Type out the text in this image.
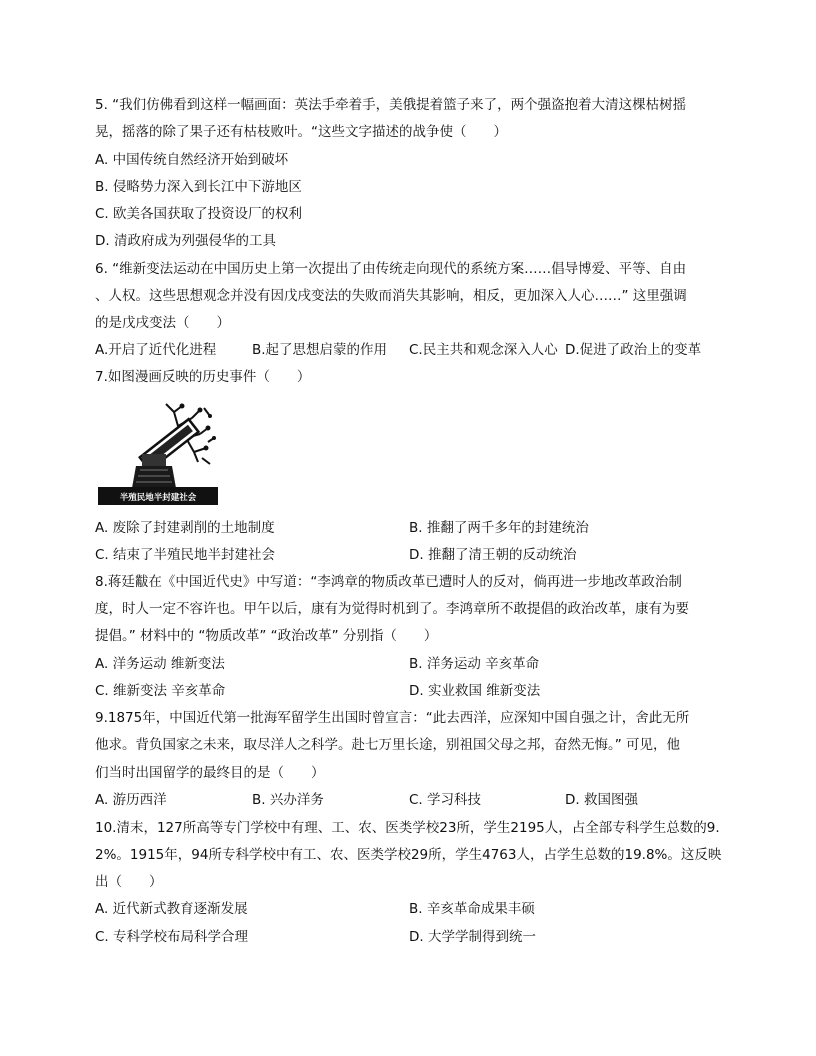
5. “我们仿佛看到这样一幅画面：英法手牵着手，美俄提着篮子来了，两个强盗抱着大清这棵枯树摇
晃，摇落的除了果子还有枯枝败叶。“这些文字描述的战争使（　　）
A. 中国传统自然经济开始到破坏
B. 侵略势力深入到长江中下游地区
C. 欧美各国获取了投资设厂的权利
D. 清政府成为列强侵华的工具
6. “维新变法运动在中国历史上第一次提出了由传统走向现代的系统方案……倡导博爱、平等、自由
、人权。这些思想观念并没有因戊戌变法的失败而消失其影响，相反，更加深入人心……” 这里强调
的是戊戌变法（　　）
A.开启了近代化进程	B.起了思想启蒙的作用 C.民主共和观念深入人心 D.促进了政治上的变革
7.如图漫画反映的历史事件（　　）
半殖民地半封建社会
A. 废除了封建剥削的土地制度	B. 推翻了两千多年的封建统治
C. 结束了半殖民地半封建社会	D. 推翻了清王朝的反动统治
8.蒋廷黻在《中国近代史》中写道：“李鸿章的物质改革已遭时人的反对，倘再进一步地改革政治制
度，时人一定不容许也。甲午以后，康有为觉得时机到了。李鸿章所不敢提倡的政治改革，康有为要
提倡。” 材料中的 “物质改革” “政治改革” 分别指（　　）
A. 洋务运动 维新变法	B. 洋务运动 辛亥革命
C. 维新变法 辛亥革命	D. 实业救国 维新变法
9.1875年，中国近代第一批海军留学生出国时曾宣言：“此去西洋，应深知中国自强之计，舍此无所
他求。背负国家之未来，取尽洋人之科学。赴七万里长途，别祖国父母之邦，奋然无悔。” 可见，他
们当时出国留学的最终目的是（　　）
A. 游历西洋	B. 兴办洋务	C. 学习科技	D. 救国图强
10.清末，127所高等专门学校中有理、工、农、医类学校23所，学生2195人，占全部专科学生总数的9.
2%。1915年，94所专科学校中有工、农、医类学校29所，学生4763人，占学生总数的19.8%。这反映
出（　　）
A. 近代新式教育逐渐发展	B. 辛亥革命成果丰硕
C. 专科学校布局科学合理	D. 大学学制得到统一
